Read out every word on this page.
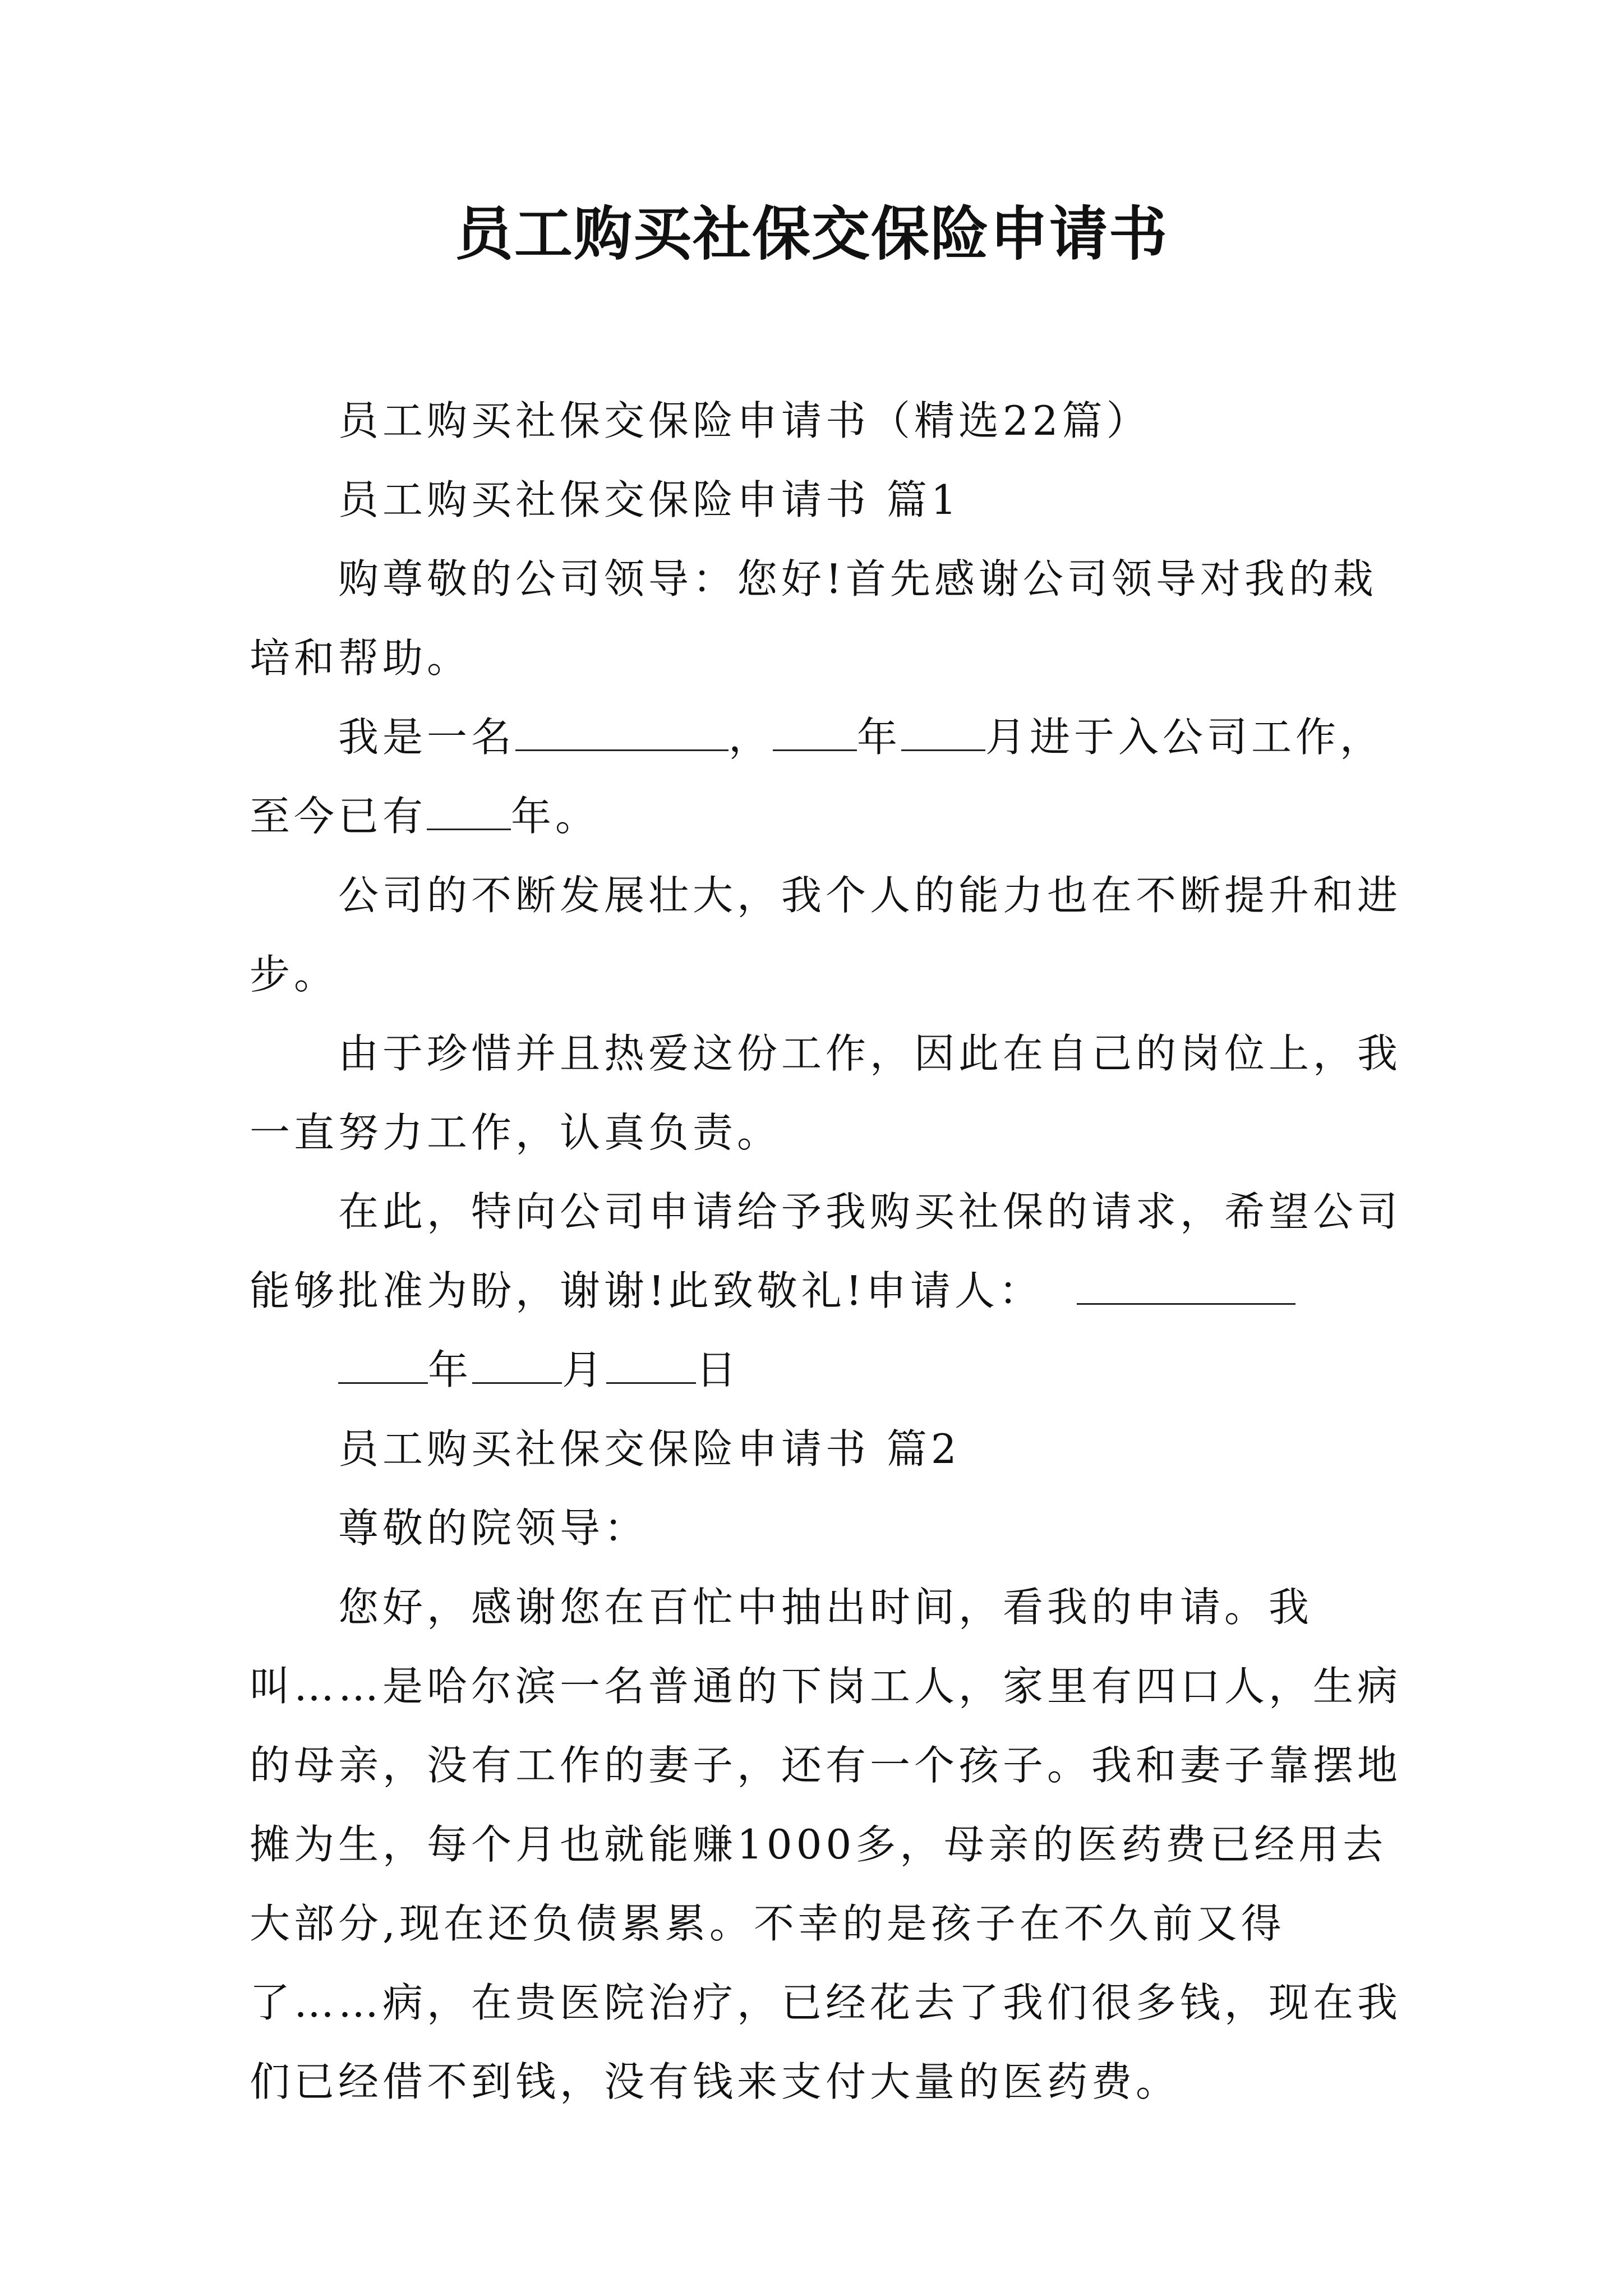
员工购买社保交保险申请书

员工购买社保交保险申请书（精选22篇）

员工购买社保交保险申请书 篇1

购尊敬的公司领导：您好!首先感谢公司领导对我的栽培和帮助。

我是一名	， 年 月进于入公司工作，至今已有 年。

公司的不断发展壮大，我个人的能力也在不断提升和进步。

由于珍惜并且热爱这份工作，因此在自己的岗位上，我一直努力工作，认真负责。

在此，特向公司申请给予我购买社保的请求，希望公司能够批准为盼，谢谢!此致敬礼!申请人：

年 月 日

员工购买社保交保险申请书 篇2

尊敬的院领导：

您好，感谢您在百忙中抽出时间，看我的申请。我叫……是哈尔滨一名普通的下岗工人，家里有四口人，生病的母亲，没有工作的妻子，还有一个孩子。我和妻子靠摆地摊为生，每个月也就能赚1000多，母亲的医药费已经用去大部分,现在还负债累累。不幸的是孩子在不久前又得了……病，在贵医院治疗，已经花去了我们很多钱，现在我们已经借不到钱，没有钱来支付大量的医药费。
